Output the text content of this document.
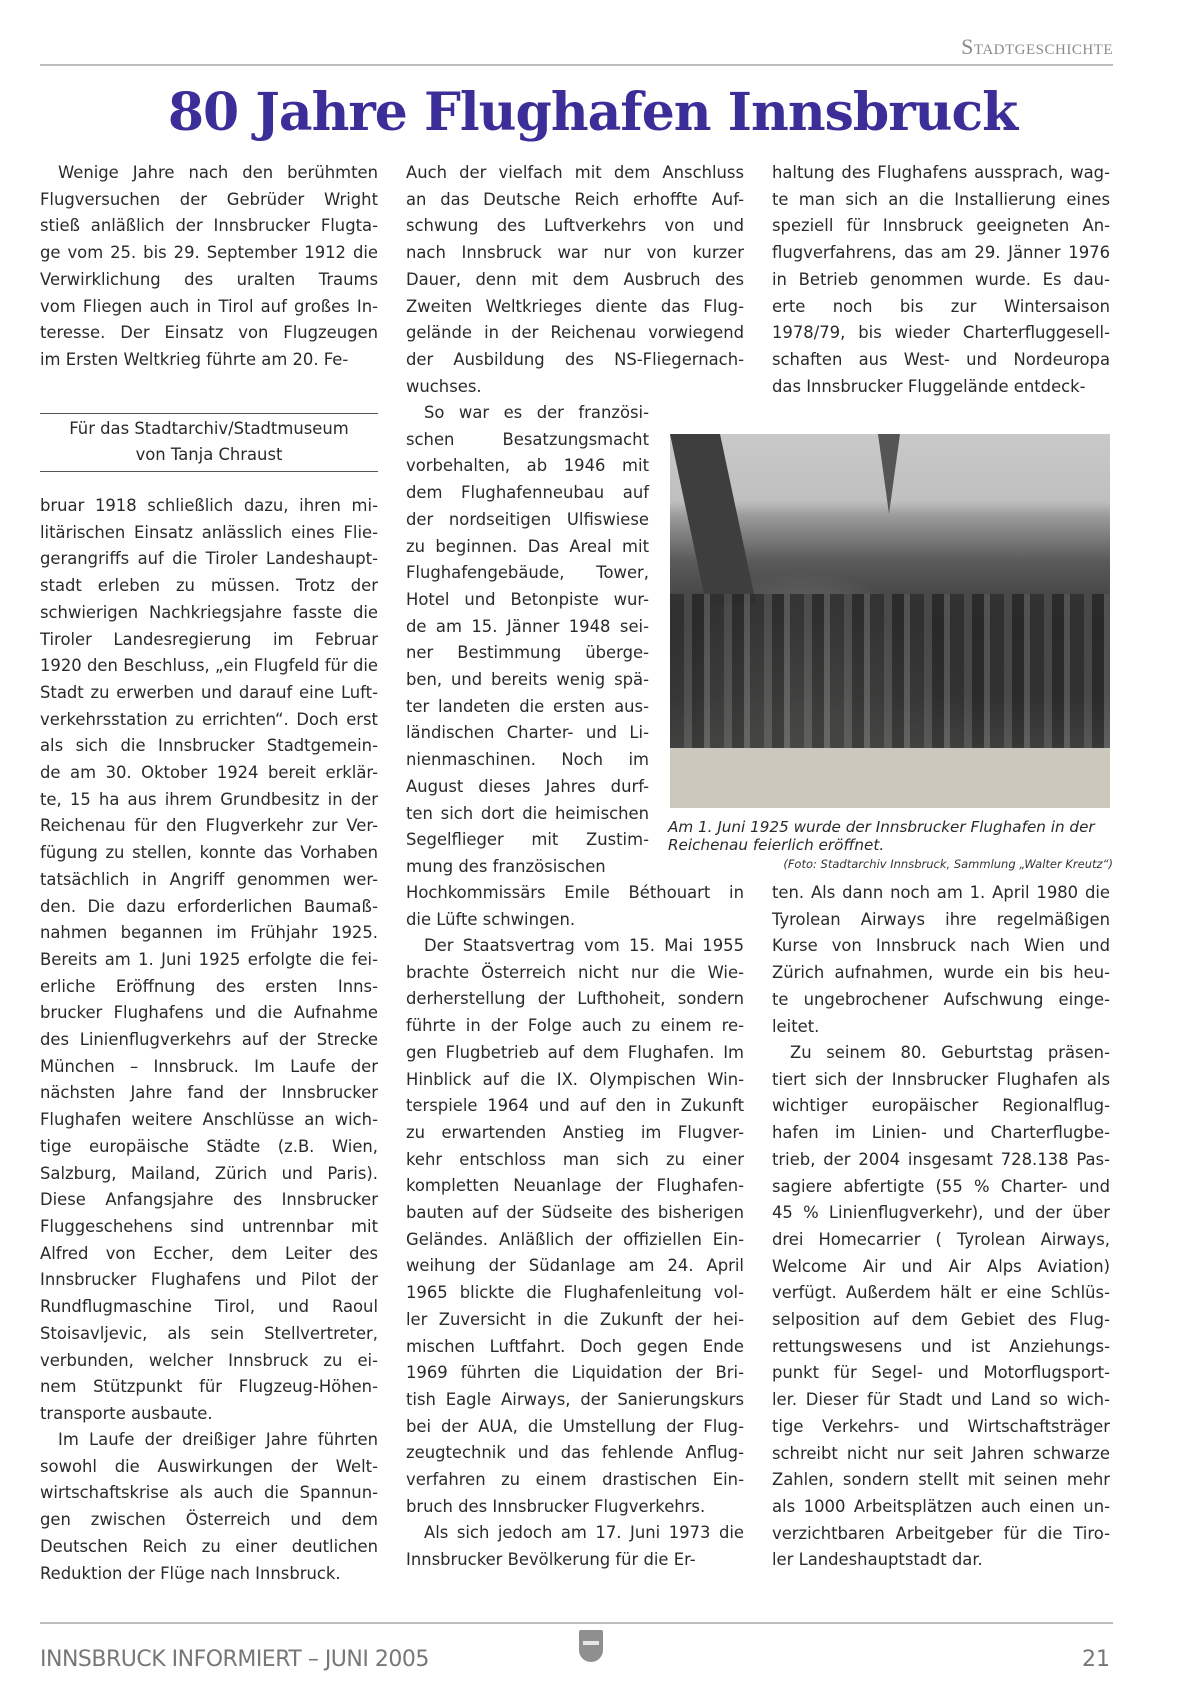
Stadtgeschichte
80 Jahre Flughafen Innsbruck
Wenige Jahre nach den berühmten
Flugversuchen der Gebrüder Wright
stieß anläßlich der Innsbrucker Flugta-
ge vom 25. bis 29. September 1912 die
Verwirklichung des uralten Traums
vom Fliegen auch in Tirol auf großes In-
teresse. Der Einsatz von Flugzeugen
im Ersten Weltkrieg führte am 20. Fe-
Für das Stadtarchiv/Stadtmuseum
von Tanja Chraust
bruar 1918 schließlich dazu, ihren mi-
litärischen Einsatz anlässlich eines Flie-
gerangriffs auf die Tiroler Landeshaupt-
stadt erleben zu müssen. Trotz der
schwierigen Nachkriegsjahre fasste die
Tiroler Landesregierung im Februar
1920 den Beschluss, „ein Flugfeld für die
Stadt zu erwerben und darauf eine Luft-
verkehrsstation zu errichten“. Doch erst
als sich die Innsbrucker Stadtgemein-
de am 30. Oktober 1924 bereit erklär-
te, 15 ha aus ihrem Grundbesitz in der
Reichenau für den Flugverkehr zur Ver-
fügung zu stellen, konnte das Vorhaben
tatsächlich in Angriff genommen wer-
den. Die dazu erforderlichen Baumaß-
nahmen begannen im Frühjahr 1925.
Bereits am 1. Juni 1925 erfolgte die fei-
erliche Eröffnung des ersten Inns-
brucker Flughafens und die Aufnahme
des Linienflugverkehrs auf der Strecke
München – Innsbruck. Im Laufe der
nächsten Jahre fand der Innsbrucker
Flughafen weitere Anschlüsse an wich-
tige europäische Städte (z.B. Wien,
Salzburg, Mailand, Zürich und Paris).
Diese Anfangsjahre des Innsbrucker
Fluggeschehens sind untrennbar mit
Alfred von Eccher, dem Leiter des
Innsbrucker Flughafens und Pilot der
Rundflugmaschine Tirol, und Raoul
Stoisavljevic, als sein Stellvertreter,
verbunden, welcher Innsbruck zu ei-
nem Stützpunkt für Flugzeug-Höhen-
transporte ausbaute.
Im Laufe der dreißiger Jahre führten
sowohl die Auswirkungen der Welt-
wirtschaftskrise als auch die Spannun-
gen zwischen Österreich und dem
Deutschen Reich zu einer deutlichen
Reduktion der Flüge nach Innsbruck.
Auch der vielfach mit dem Anschluss
an das Deutsche Reich erhoffte Auf-
schwung des Luftverkehrs von und
nach Innsbruck war nur von kurzer
Dauer, denn mit dem Ausbruch des
Zweiten Weltkrieges diente das Flug-
gelände in der Reichenau vorwiegend
der Ausbildung des NS-Fliegernach-
wuchses.
So war es der französi-
schen Besatzungsmacht
vorbehalten, ab 1946 mit
dem Flughafenneubau auf
der nordseitigen Ulfiswiese
zu beginnen. Das Areal mit
Flughafengebäude, Tower,
Hotel und Betonpiste wur-
de am 15. Jänner 1948 sei-
ner Bestimmung überge-
ben, und bereits wenig spä-
ter landeten die ersten aus-
ländischen Charter- und Li-
nienmaschinen. Noch im
August dieses Jahres durf-
ten sich dort die heimischen
Segelflieger mit Zustim-
mung des französischen
Hochkommissärs Emile Béthouart in
die Lüfte schwingen.
Der Staatsvertrag vom 15. Mai 1955
brachte Österreich nicht nur die Wie-
derherstellung der Lufthoheit, sondern
führte in der Folge auch zu einem re-
gen Flugbetrieb auf dem Flughafen. Im
Hinblick auf die IX. Olympischen Win-
terspiele 1964 und auf den in Zukunft
zu erwartenden Anstieg im Flugver-
kehr entschloss man sich zu einer
kompletten Neuanlage der Flughafen-
bauten auf der Südseite des bisherigen
Geländes. Anläßlich der offiziellen Ein-
weihung der Südanlage am 24. April
1965 blickte die Flughafenleitung vol-
ler Zuversicht in die Zukunft der hei-
mischen Luftfahrt. Doch gegen Ende
1969 führten die Liquidation der Bri-
tish Eagle Airways, der Sanierungskurs
bei der AUA, die Umstellung der Flug-
zeugtechnik und das fehlende Anflug-
verfahren zu einem drastischen Ein-
bruch des Innsbrucker Flugverkehrs.
Als sich jedoch am 17. Juni 1973 die
Innsbrucker Bevölkerung für die Er-
haltung des Flughafens aussprach, wag-
te man sich an die Installierung eines
speziell für Innsbruck geeigneten An-
flugverfahrens, das am 29. Jänner 1976
in Betrieb genommen wurde. Es dau-
erte noch bis zur Wintersaison
1978/79, bis wieder Charterfluggesell-
schaften aus West- und Nordeuropa
das Innsbrucker Fluggelände entdeck-
Am 1. Juni 1925 wurde der Innsbrucker Flughafen in der Reichenau feierlich eröffnet.
(Foto: Stadtarchiv Innsbruck, Sammlung „Walter Kreutz“)
ten. Als dann noch am 1. April 1980 die
Tyrolean Airways ihre regelmäßigen
Kurse von Innsbruck nach Wien und
Zürich aufnahmen, wurde ein bis heu-
te ungebrochener Aufschwung einge-
leitet.
Zu seinem 80. Geburtstag präsen-
tiert sich der Innsbrucker Flughafen als
wichtiger europäischer Regionalflug-
hafen im Linien- und Charterflugbe-
trieb, der 2004 insgesamt 728.138 Pas-
sagiere abfertigte (55 % Charter- und
45 % Linienflugverkehr), und der über
drei Homecarrier ( Tyrolean Airways,
Welcome Air und Air Alps Aviation)
verfügt. Außerdem hält er eine Schlüs-
selposition auf dem Gebiet des Flug-
rettungswesens und ist Anziehungs-
punkt für Segel- und Motorflugsport-
ler. Dieser für Stadt und Land so wich-
tige Verkehrs- und Wirtschaftsträger
schreibt nicht nur seit Jahren schwarze
Zahlen, sondern stellt mit seinen mehr
als 1000 Arbeitsplätzen auch einen un-
verzichtbaren Arbeitgeber für die Tiro-
ler Landeshauptstadt dar.
INNSBRUCK INFORMIERT – JUNI 2005	21
